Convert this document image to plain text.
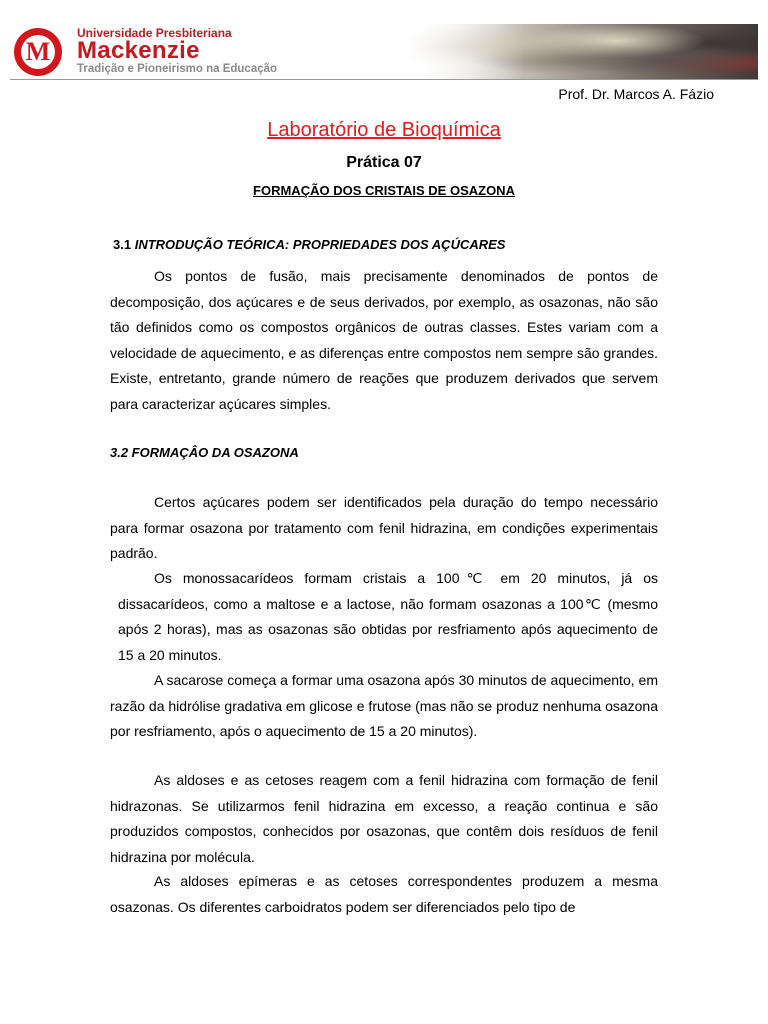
M
Universidade Presbiteriana
Mackenzie
Tradição e Pioneirismo na Educação
Prof. Dr. Marcos A. Fázio
Laboratório de Bioquímica
Prática 07
FORMAÇÃO DOS CRISTAIS DE OSAZONA
3.1 INTRODUÇÃO TEÓRICA: PROPRIEDADES DOS AÇÚCARES

Os pontos de fusão, mais precisamente denominados de pontos de decomposição, dos açúcares e de seus derivados, por exemplo, as osazonas, não são tão definidos como os compostos orgânicos de outras classes. Estes variam com a velocidade de aquecimento, e as diferenças entre compostos nem sempre são grandes. Existe, entretanto, grande número de reações que produzem derivados que servem para caracterizar açúcares simples.

3.2 FORMAÇÂO DA OSAZONA

Certos açúcares podem ser identificados pela duração do tempo necessário para formar osazona por tratamento com fenil hidrazina, em condições experimentais padrão.

Os monossacarídeos formam cristais a 100℃ em 20 minutos, já os dissacarídeos, como a maltose e a lactose, não formam osazonas a 100℃ (mesmo após 2 horas), mas as osazonas são obtidas por resfriamento após aquecimento de 15 a 20 minutos.

A sacarose começa a formar uma osazona após 30 minutos de aquecimento, em razão da hidrólise gradativa em glicose e frutose (mas não se produz nenhuma osazona por resfriamento, após o aquecimento de 15 a 20 minutos).

As aldoses e as cetoses reagem com a fenil hidrazina com formação de fenil hidrazonas. Se utilizarmos fenil hidrazina em excesso, a reação continua e são produzidos compostos, conhecidos por osazonas, que contêm dois resíduos de fenil hidrazina por molécula.

As aldoses epímeras e as cetoses correspondentes produzem a mesma osazonas. Os diferentes carboidratos podem ser diferenciados pelo tipo de
